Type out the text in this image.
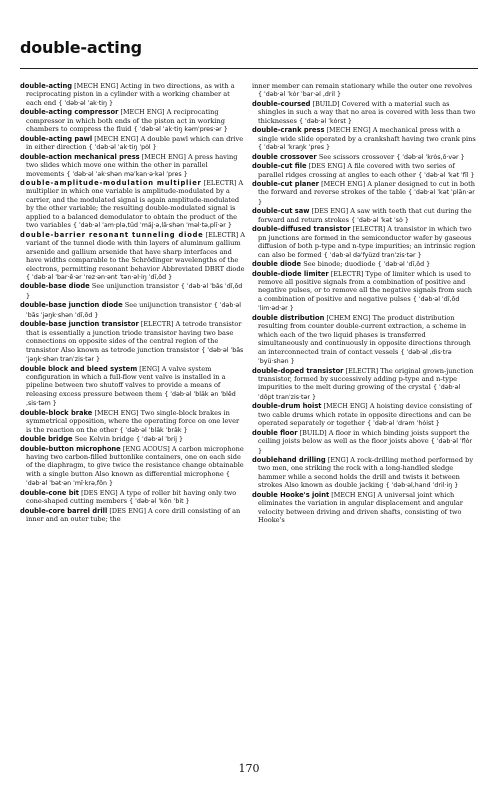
double-acting

double-acting [MECH ENG] Acting in two directions, as with a reciprocating piston in a cylinder with a working chamber at each end { ˈdəb·əl ˈak·tiŋ }

double-acting compressor [MECH ENG] A reciprocating compressor in which both ends of the piston act in working chambers to compress the fluid { ˈdəb·əl ˈak·tiŋ kəmˈpres·ər }

double-acting pawl [MECH ENG] A double pawl which can drive in either direction { ˈdəb·əl ˈak·tiŋ ˈpȯl }

double-action mechanical press [MECH ENG] A press having two slides which move one within the other in parallel movements { ˈdəb·əl ˈak·shən məˈkan·ə·kəl ˈpres }

double-amplitude-modulation multiplier [ELECTR] A multiplier in which one variable is amplitude-modulated by a carrier, and the modulated signal is again amplitude-modulated by the other variable; the resulting double-modulated signal is applied to a balanced demodulator to obtain the product of the two variables { ˈdəb·əl ˈam·plə‚tüd ˈmäj·ə‚lā·shən ˈməl·tə‚plī·ər }

double-barrier resonant tunneling diode [ELECTR] A variant of the tunnel diode with thin layers of aluminum gallium arsenide and gallium arsenide that have sharp interfaces and have widths comparable to the Schrödinger wavelengths of the electrons, permitting resonant behavior Abbreviated DBRT diode { ˈdəb·əl ˈbar·ē·ər ˈrez·ən·ənt ˈtən·əl·iŋ ˈdī‚ōd }

double-base diode See unijunction transistor { ˈdəb·əl ˈbās ˈdī‚ōd }

double-base junction diode See unijunction transistor { ˈdəb·əl ˈbās ˈjəŋk·shən ˈdī‚ōd }

double-base junction transistor [ELECTR] A tetrode transistor that is essentially a junction triode transistor having two base connections on opposite sides of the central region of the transistor Also known as tetrode junction transistor { ˈdəb·əl ˈbās ˈjəŋk·shən tranˈzis·tər }

double block and bleed system [ENG] A valve system configuration in which a full-flow vent valve is installed in a pipeline between two shutoff valves to provide a means of releasing excess pressure between them { ˈdəb·əl ˈbläk ən ˈblēd ‚sis·təm }

double-block brake [MECH ENG] Two single-block brakes in symmetrical opposition, where the operating force on one lever is the reaction on the other { ˈdəb·əl ˈbläk ˈbrāk }

double bridge See Kelvin bridge { ˈdəb·əl ˈbrij }

double-button microphone [ENG ACOUS] A carbon microphone having two carbon-filled buttonlike containers, one on each side of the diaphragm, to give twice the resistance change obtainable with a single button Also known as differential microphone { ˈdəb·əl ˈbət·ən ˈmī·krə‚fōn }

double-cone bit [DES ENG] A type of roller bit having only two cone-shaped cutting members { ˈdəb·əl ˈkōn ˈbit }

double-core barrel drill [DES ENG] A core drill consisting of an inner and an outer tube; the

inner member can remain stationary while the outer one revolves { ˈdəb·əl ˈkȯr ˈbar·əl ‚dril }

double-coursed [BUILD] Covered with a material such as shingles in such a way that no area is covered with less than two thicknesses { ˈdəb·əl ˈkȯrst }

double-crank press [MECH ENG] A mechanical press with a single wide slide operated by a crankshaft having two crank pins { ˈdəb·əl ˈkraŋk ˈpres }

double crossover See scissors crossover { ˈdəb·əl ˈkrȯs‚ō·vər }

double-cut file [DES ENG] A file covered with two series of parallel ridges crossing at angles to each other { ˈdəb·əl ˈkət ˈfīl }

double-cut planer [MECH ENG] A planer designed to cut in both the forward and reverse strokes of the table { ˈdəb·əl ˈkət ˈplān·ər }

double-cut saw [DES ENG] A saw with teeth that cut during the forward and return strokes { ˈdəb·əl ˈkət ˈsȯ }

double-diffused transistor [ELECTR] A transistor in which two pn junctions are formed in the semiconductor wafer by gaseous diffusion of both p-type and n-type impurities; an intrinsic region can also be formed { ˈdəb·əl dəˈfyüzd tranˈzis·tər }

double diode See binode; duodiode { ˈdəb·əl ˈdī‚ōd }

double-diode limiter [ELECTR] Type of limiter which is used to remove all positive signals from a combination of positive and negative pulses, or to remove all the negative signals from such a combination of positive and negative pulses { ˈdəb·əl ˈdī‚ōd ˈlim·əd·ər }

double distribution [CHEM ENG] The product distribution resulting from counter double-current extraction, a scheme in which each of the two liquid phases is transferred simultaneously and continuously in opposite directions through an interconnected train of contact vessels { ˈdəb·əl ‚dis·trəˈbyü·shən }

double-doped transistor [ELECTR] The original grown-junction transistor, formed by successively adding p-type and n-type impurities to the melt during growing of the crystal { ˈdəb·əl ˈdōpt tranˈzis·tər }

double-drum hoist [MECH ENG] A hoisting device consisting of two cable drums which rotate in opposite directions and can be operated separately or together { ˈdəb·əl ˈdrəm ˈhȯist }

double floor [BUILD] A floor in which binding joists support the ceiling joists below as well as the floor joists above { ˈdəb·əl ˈflȯr }

doublehand drilling [ENG] A rock-drilling method performed by two men, one striking the rock with a long-handled sledge hammer while a second holds the drill and twists it between strokes Also known as double jacking { ˈdəb·əl‚hand ˈdril·iŋ }

double Hooke's joint [MECH ENG] A universal joint which eliminates the variation in angular displacement and angular velocity between driving and driven shafts, consisting of two Hooke's

170
